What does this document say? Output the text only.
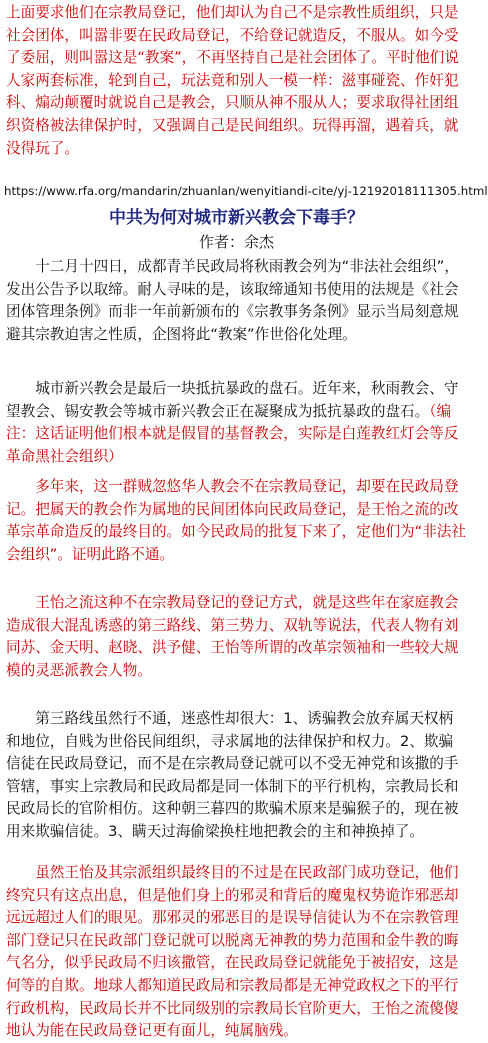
上面要求他们在宗教局登记，他们却认为自己不是宗教性质组织，只是社会团体，叫嚣非要在民政局登记，不给登记就造反，不服从。如今受了委屈，则叫嚣这是“教案”，不再坚持自己是社会团体了。平时他们说人家两套标准，轮到自己，玩法竟和别人一模一样：滋事碰瓷、作奸犯科、煽动颠覆时就说自己是教会，只顺从神不服从人；要求取得社团组织资格被法律保护时，又强调自己是民间组织。玩得再溜，遇着兵，就没得玩了。

https://www.rfa.org/mandarin/zhuanlan/wenyitiandi-cite/yj-12192018111305.html

中共为何对城市新兴教会下毒手？

作者：余杰

十二月十四日，成都青羊民政局将秋雨教会列为“非法社会组织”，发出公告予以取缔。耐人寻味的是，该取缔通知书使用的法规是《社会团体管理条例》而非一年前新颁布的《宗教事务条例》显示当局刻意规避其宗教迫害之性质，企图将此“教案”作世俗化处理。

城市新兴教会是最后一块抵抗暴政的盘石。近年来，秋雨教会、守望教会、锡安教会等城市新兴教会正在凝聚成为抵抗暴政的盘石。（编注：这话证明他们根本就是假冒的基督教会，实际是白莲教红灯会等反革命黑社会组织）

多年来，这一群贼忽悠华人教会不在宗教局登记，却要在民政局登记。把属天的教会作为属地的民间团体向民政局登记，是王怡之流的改革宗革命造反的最终目的。如今民政局的批复下来了，定他们为“非法社会组织”。证明此路不通。

王怡之流这种不在宗教局登记的登记方式，就是这些年在家庭教会造成很大混乱诱惑的第三路线、第三势力、双轨等说法，代表人物有刘同苏、金天明、赵晓、洪予健、王怡等所谓的改革宗领袖和一些较大规模的灵恶派教会人物。

第三路线虽然行不通，迷惑性却很大：1、诱骗教会放弃属天权柄和地位，自贱为世俗民间组织，寻求属地的法律保护和权力。2、欺骗信徒在民政局登记，而不是在宗教局登记就可以不受无神党和该撒的手管辖，事实上宗教局和民政局都是同一体制下的平行机构，宗教局长和民政局长的官阶相仿。这种朝三暮四的欺骗术原来是骗猴子的，现在被用来欺骗信徒。3、瞒天过海偷梁换柱地把教会的主和神换掉了。

虽然王怡及其宗派组织最终目的不过是在民政部门成功登记，他们终究只有这点出息，但是他们身上的邪灵和背后的魔鬼权势诡诈邪恶却远远超过人们的眼见。那邪灵的邪恶目的是误导信徒认为不在宗教管理部门登记只在民政部门登记就可以脱离无神教的势力范围和金牛教的晦气名分，似乎民政局不归该撒管，在民政局登记就能免于被招安，这是何等的自欺。地球人都知道民政局和宗教局都是无神党政权之下的平行行政机构，民政局长并不比同级别的宗教局长官阶更大，王怡之流傻傻地认为能在民政局登记更有面儿，纯属脑残。
